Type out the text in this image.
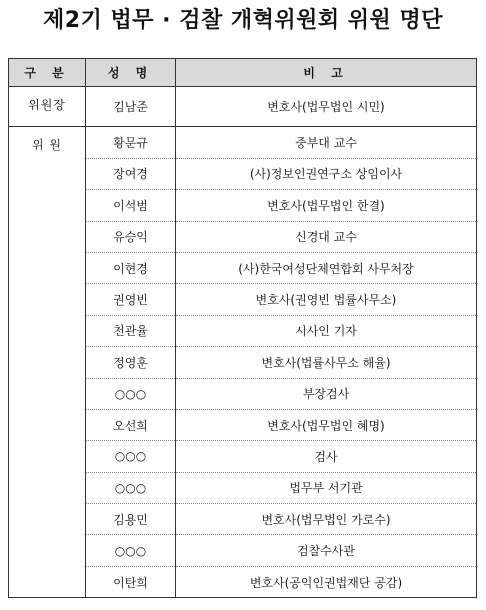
제2기 법무 · 검찰 개혁위원회 위원 명단
구 분	성 명	비 고
위원장	김남준	변호사(법무법인 시민)
위 원	황문규	중부대 교수
	장여경	(사)정보인권연구소 상임이사
	이석범	변호사(법무법인 한결)
	유승익	신경대 교수
	이현경	(사)한국여성단체연합회 사무처장
	권영빈	변호사(권영빈 법률사무소)
	천관율	시사인 기자
	정영훈	변호사(법률사무소 해율)
	○○○	부장검사
	오선희	변호사(법무법인 혜명)
	○○○	검사
	○○○	법무부 서기관
	김용민	변호사(법무법인 가로수)
	○○○	검찰수사관
	이탄희	변호사(공익인권법재단 공감)
